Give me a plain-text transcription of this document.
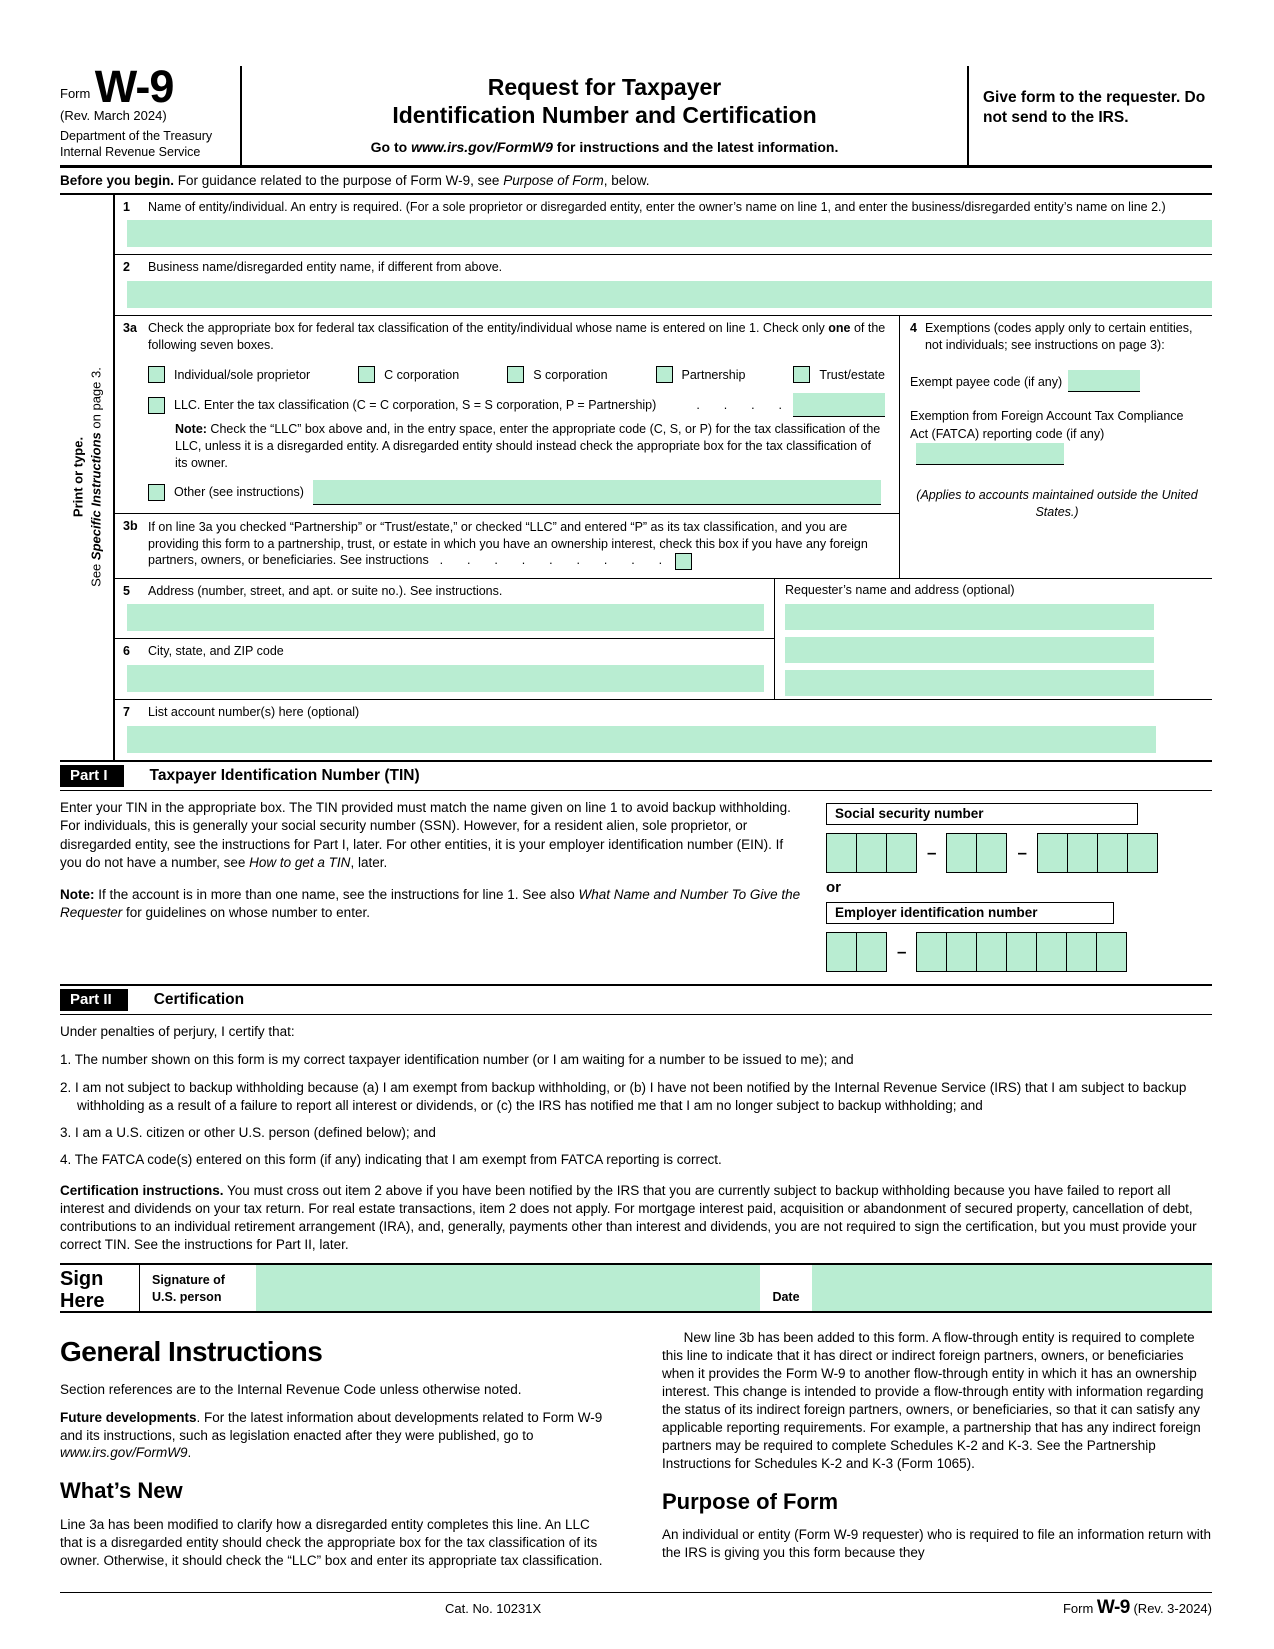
Form W-9
(Rev. March 2024)
Department of the Treasury
Internal Revenue Service
Request for Taxpayer
Identification Number and Certification
Go to www.irs.gov/FormW9 for instructions and the latest information.
Give form to the requester. Do not send to the IRS.
Before you begin. For guidance related to the purpose of Form W-9, see Purpose of Form, below.
Print or type.
See Specific Instructions on page 3.
1	Name of entity/individual. An entry is required. (For a sole proprietor or disregarded entity, enter the owner’s name on line 1, and enter the business/disregarded entity’s name on line 2.)
2	Business name/disregarded entity name, if different from above.
3a Check the appropriate box for federal tax classification of the entity/individual whose name is entered on line 1. Check only one of the following seven boxes.
Individual/sole proprietor	C corporation	S corporation	Partnership	Trust/estate
LLC. Enter the tax classification (C = C corporation, S = S corporation, P = Partnership)	.    .    .    .
Note: Check the “LLC” box above and, in the entry space, enter the appropriate code (C, S, or P) for the tax classification of the LLC, unless it is a disregarded entity. A disregarded entity should instead check the appropriate box for the tax classification of its owner.
Other (see instructions)
3b If on line 3a you checked “Partnership” or “Trust/estate,” or checked “LLC” and entered “P” as its tax classification, and you are providing this form to a partnership, trust, or estate in which you have an ownership interest, check this box if you have any foreign partners, owners, or beneficiaries. See instructions  .    .    .    .    .    .    .    .    .
4 Exemptions (codes apply only to certain entities, not individuals; see instructions on page 3):
Exempt payee code (if any)
Exemption from Foreign Account Tax Compliance Act (FATCA) reporting code (if any)
(Applies to accounts maintained outside the United States.)
5	Address (number, street, and apt. or suite no.). See instructions.
6	City, state, and ZIP code
Requester’s name and address (optional)
7	List account number(s) here (optional)
Part I	Taxpayer Identification Number (TIN)

Enter your TIN in the appropriate box. The TIN provided must match the name given on line 1 to avoid backup withholding. For individuals, this is generally your social security number (SSN). However, for a resident alien, sole proprietor, or disregarded entity, see the instructions for Part I, later. For other entities, it is your employer identification number (EIN). If you do not have a number, see How to get a TIN, later.

Note: If the account is in more than one name, see the instructions for line 1. See also What Name and Number To Give the Requester for guidelines on whose number to enter.

Social security number
–	–
or
Employer identification number
–
Part II	Certification

Under penalties of perjury, I certify that:

1. The number shown on this form is my correct taxpayer identification number (or I am waiting for a number to be issued to me); and

2. I am not subject to backup withholding because (a) I am exempt from backup withholding, or (b) I have not been notified by the Internal Revenue Service (IRS) that I am subject to backup withholding as a result of a failure to report all interest or dividends, or (c) the IRS has notified me that I am no longer subject to backup withholding; and

3. I am a U.S. citizen or other U.S. person (defined below); and

4. The FATCA code(s) entered on this form (if any) indicating that I am exempt from FATCA reporting is correct.

Certification instructions. You must cross out item 2 above if you have been notified by the IRS that you are currently subject to backup withholding because you have failed to report all interest and dividends on your tax return. For real estate transactions, item 2 does not apply. For mortgage interest paid, acquisition or abandonment of secured property, cancellation of debt, contributions to an individual retirement arrangement (IRA), and, generally, payments other than interest and dividends, you are not required to sign the certification, but you must provide your correct TIN. See the instructions for Part II, later.

Sign
Here
Signature of
U.S. person	Date
General Instructions

Section references are to the Internal Revenue Code unless otherwise noted.

Future developments. For the latest information about developments related to Form W-9 and its instructions, such as legislation enacted after they were published, go to www.irs.gov/FormW9.

What’s New

Line 3a has been modified to clarify how a disregarded entity completes this line. An LLC that is a disregarded entity should check the appropriate box for the tax classification of its owner. Otherwise, it should check the “LLC” box and enter its appropriate tax classification.

New line 3b has been added to this form. A flow-through entity is required to complete this line to indicate that it has direct or indirect foreign partners, owners, or beneficiaries when it provides the Form W-9 to another flow-through entity in which it has an ownership interest. This change is intended to provide a flow-through entity with information regarding the status of its indirect foreign partners, owners, or beneficiaries, so that it can satisfy any applicable reporting requirements. For example, a partnership that has any indirect foreign partners may be required to complete Schedules K-2 and K-3. See the Partnership Instructions for Schedules K-2 and K-3 (Form 1065).

Purpose of Form

An individual or entity (Form W-9 requester) who is required to file an information return with the IRS is giving you this form because they

Cat. No. 10231X	Form W-9 (Rev. 3-2024)
